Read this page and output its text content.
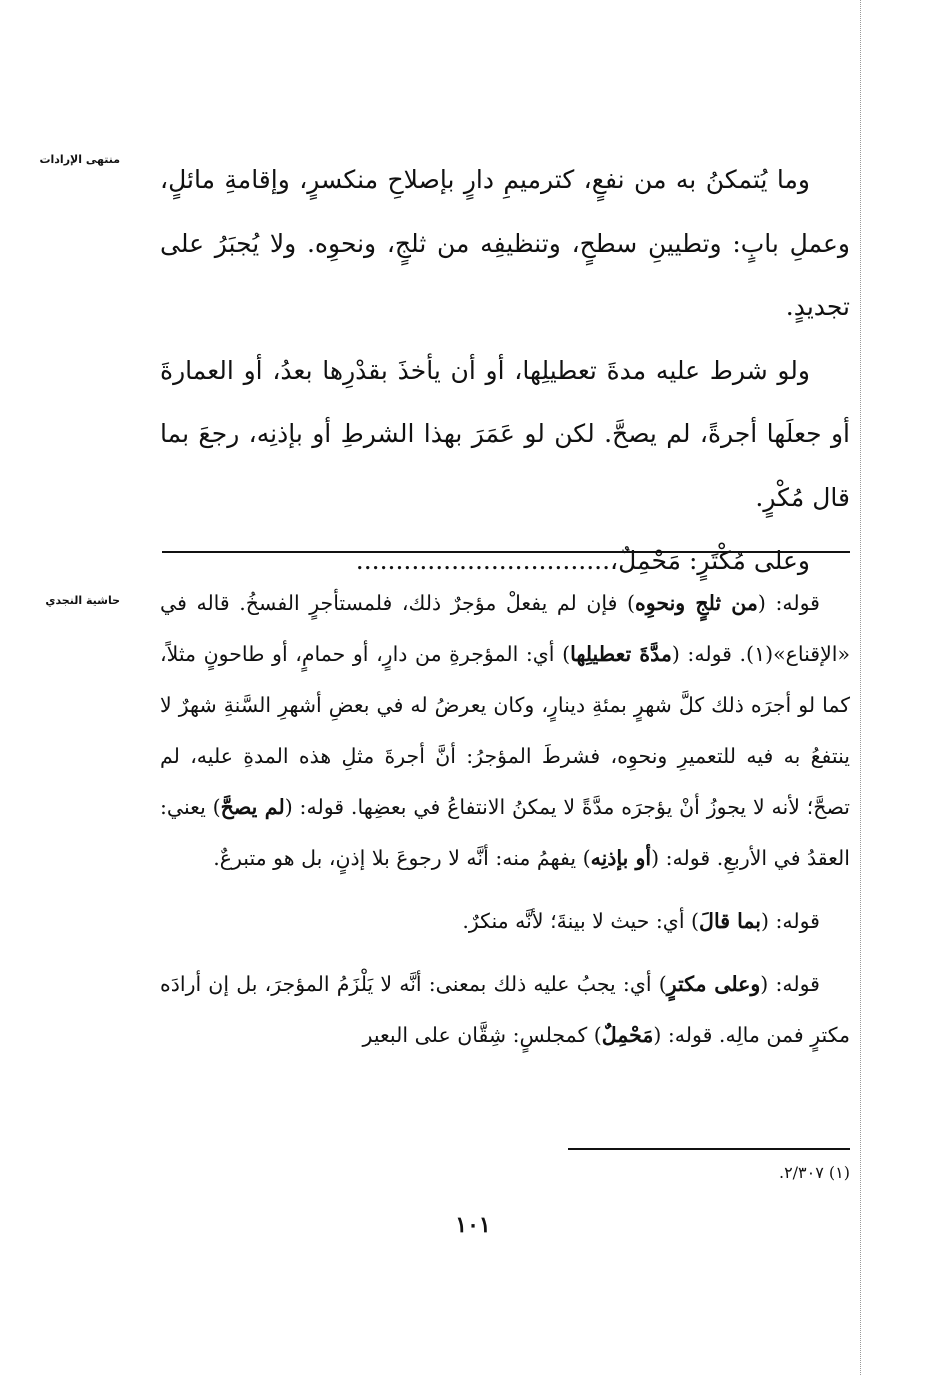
منتهى الإرادات
حاشية النجدي

وما يُتمكنُ به من نفعٍ، كترميمِ دارٍ بإصلاحِ منكسرٍ، وإقامةِ مائلٍ، وعملِ بابٍ: وتطيينِ سطحٍ، وتنظيفِه من ثلجٍ، ونحوِه. ولا يُجبَرُ على تجديدٍ.

ولو شرط عليه مدةَ تعطيلِها، أو أن يأخذَ بقدْرِها بعدُ، أو العمارةَ أو جعلَها أجرةً، لم يصحَّ. لكن لو عَمَرَ بهذا الشرطِ أو بإذنِه، رجعَ بما قال مُكْرٍ.

وعلى مُكْتَرٍ: مَحْمِلٌ،................................

قوله: (من ثلجٍ ونحوِه) فإن لم يفعلْ مؤجرٌ ذلك، فلمستأجرٍ الفسخُ. قاله في «الإقناع»(١). قوله: (مدَّةَ تعطيلِها) أي: المؤجرةِ من دارٍ، أو حمامٍ، أو طاحونٍ مثلاً، كما لو أجرَه ذلك كلَّ شهرٍ بمئةِ دينارٍ، وكان يعرضُ له في بعضِ أشهرِ السَّنةِ شهرٌ لا ينتفعُ به فيه للتعميرِ ونحوِه، فشرطَ المؤجرُ: أنَّ أجرةَ مثلِ هذه المدةِ عليه، لم تصحَّ؛ لأنه لا يجوزُ أنْ يؤجرَه مدَّةً لا يمكنُ الانتفاعُ في بعضِها. قوله: (لم يصحَّ) يعني: العقدُ في الأربعِ. قوله: (أو بإذنِه) يفهمُ منه: أنَّه لا رجوعَ بلا إذنٍ، بل هو متبرعٌ.

قوله: (بما قالَ) أي: حيث لا بينةَ؛ لأنَّه منكرٌ.

قوله: (وعلى مكترٍ) أي: يجبُ عليه ذلك بمعنى: أنَّه لا يَلْزَمُ المؤجرَ، بل إن أرادَه مكترٍ فمن مالِه. قوله: (مَحْمِلٌ) كمجلسٍ: شِقَّان على البعير

(١) ٢/٣٠٧.
١٠١
